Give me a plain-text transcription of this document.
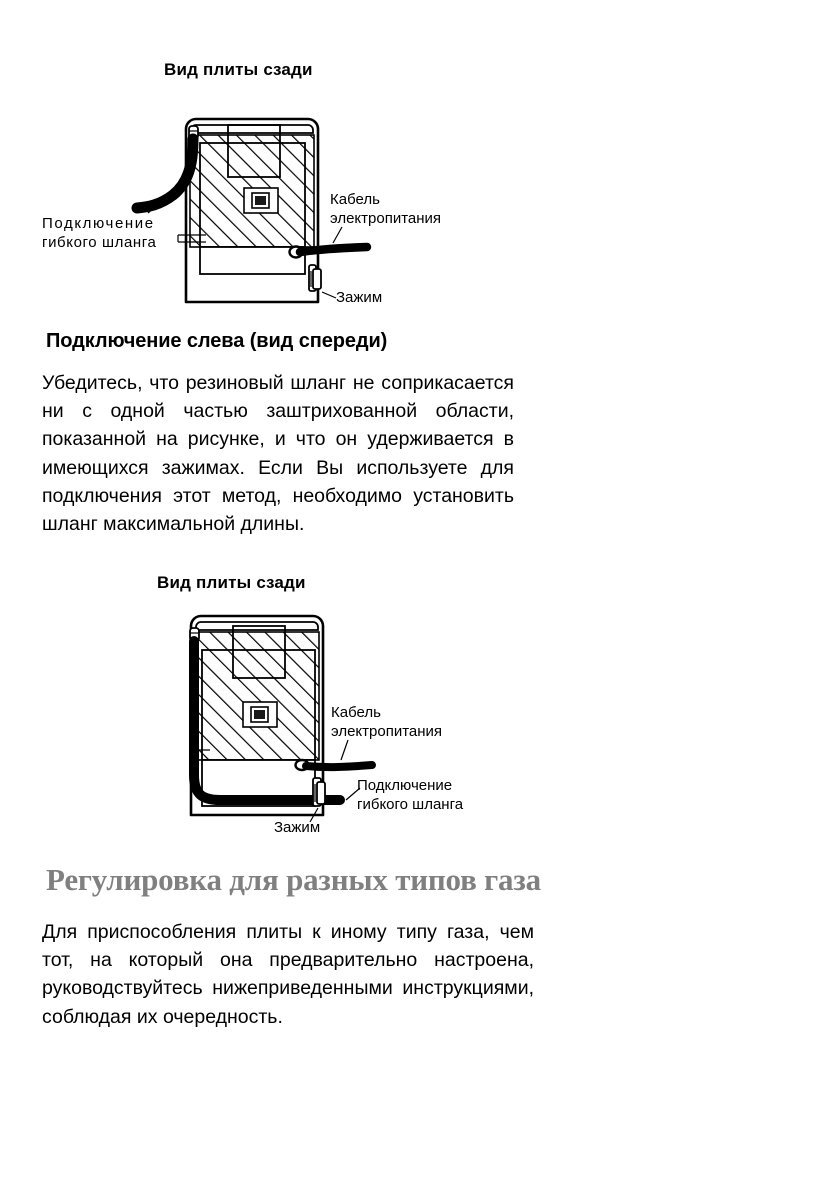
Вид плиты сзади
Подключение
гибкого шланга
Кабель
электропитания
Зажим
Подключение слева (вид спереди)

Убедитесь, что резиновый шланг не соприкасается ни с одной частью заштрихованной области, показанной на рисунке, и что он удерживается в имеющихся зажимах. Если Вы используете для подключения этот метод, необходимо установить шланг максимальной длины.

Вид плиты сзади
Кабель
электропитания
Подключение
гибкого шланга
Зажим
Регулировка для разных типов газа

Для приспособления плиты к иному типу газа, чем тот, на который она предварительно настроена, руководствуйтесь нижеприведенными инструкциями, соблюдая их очередность.
